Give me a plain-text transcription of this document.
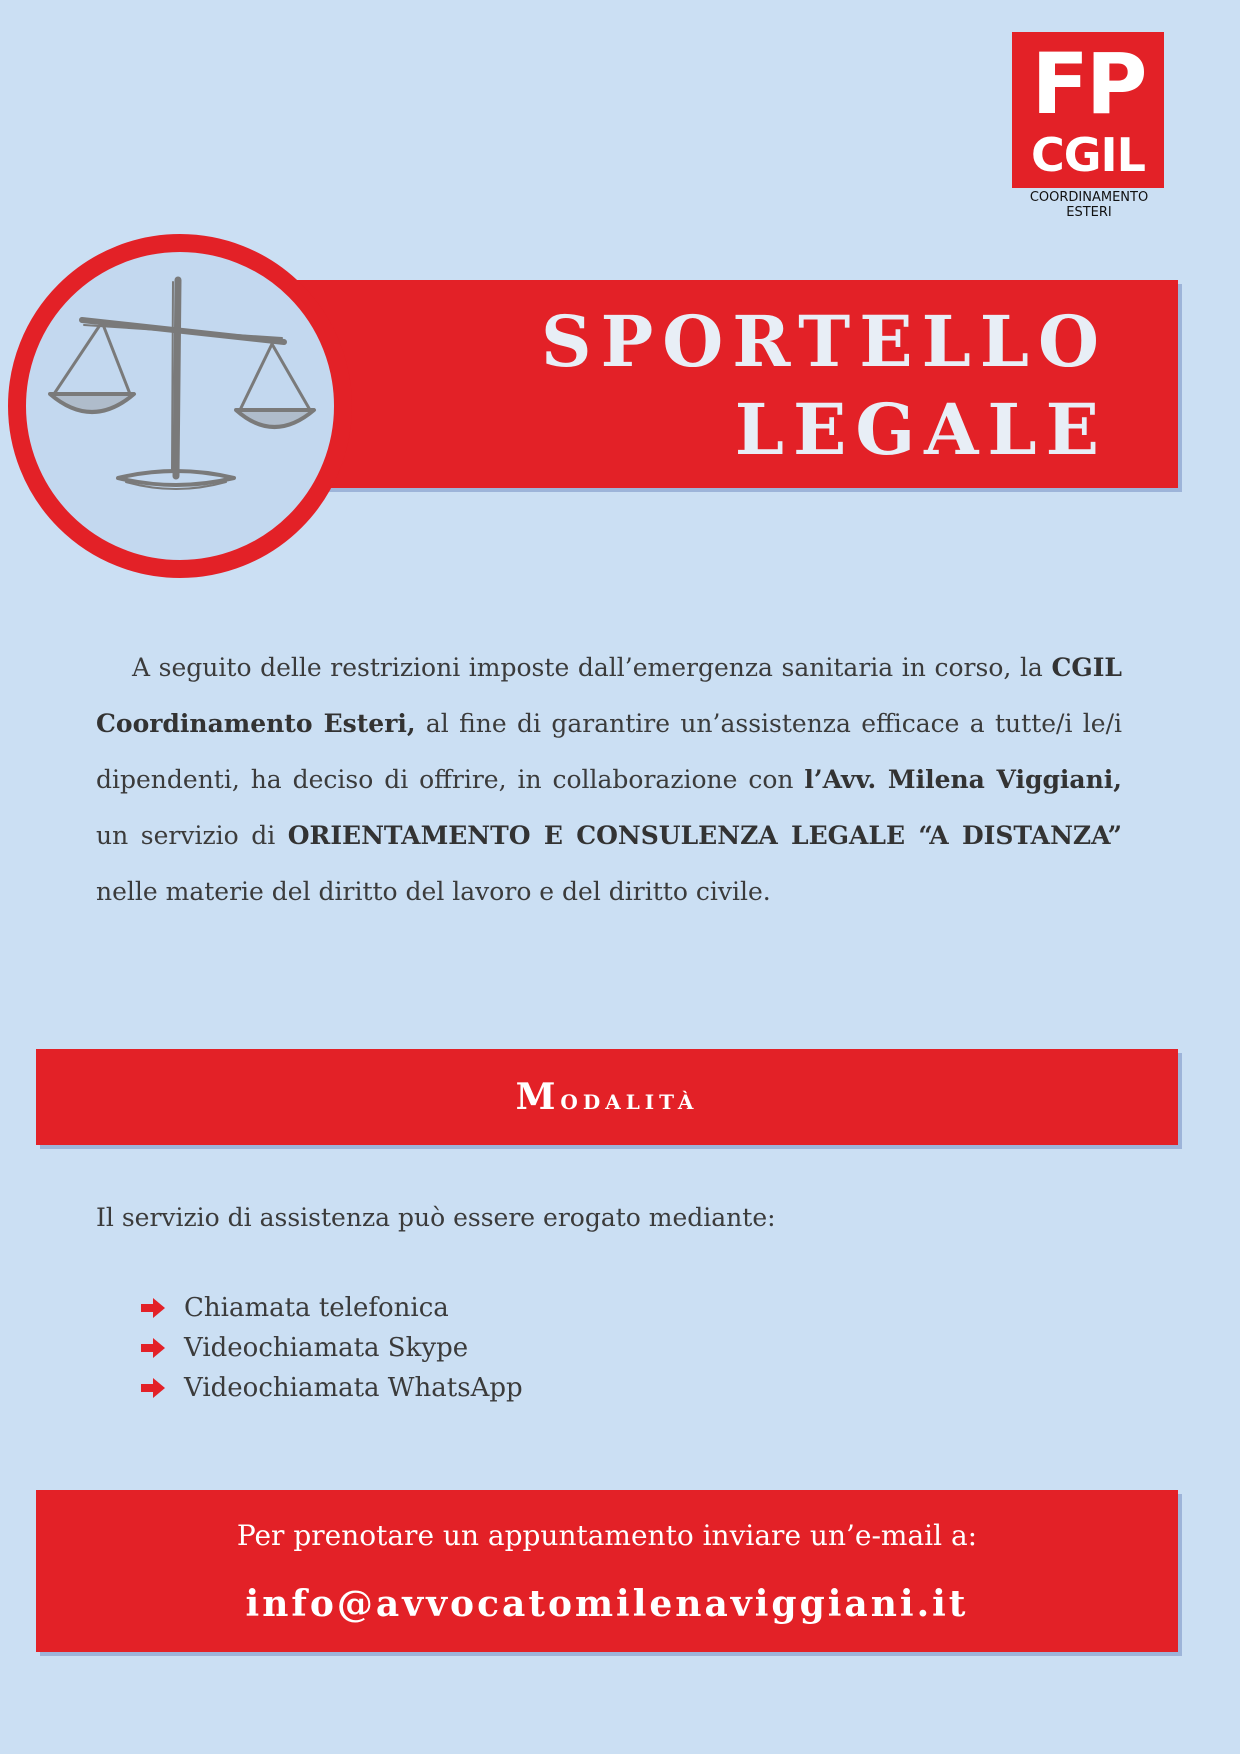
FP
CGIL
COORDINAMENTO ESTERI
SPORTELLO
LEGALE

A seguito delle restrizioni imposte dall’emergenza sanitaria in corso, la CGIL Coordinamento Esteri, al fine di garantire un’assistenza efficace a tutte/i le/i dipendenti, ha deciso di offrire, in collaborazione con l’Avv. Milena Viggiani, un servizio di ORIENTAMENTO E CONSULENZA LEGALE “A DISTANZA” nelle materie del diritto del lavoro e del diritto civile.

Modalità
Il servizio di assistenza può essere erogato mediante:
Chiamata telefonica
Videochiamata Skype
Videochiamata WhatsApp
Per prenotare un appuntamento inviare un’e-mail a:
info@avvocatomilenaviggiani.it
